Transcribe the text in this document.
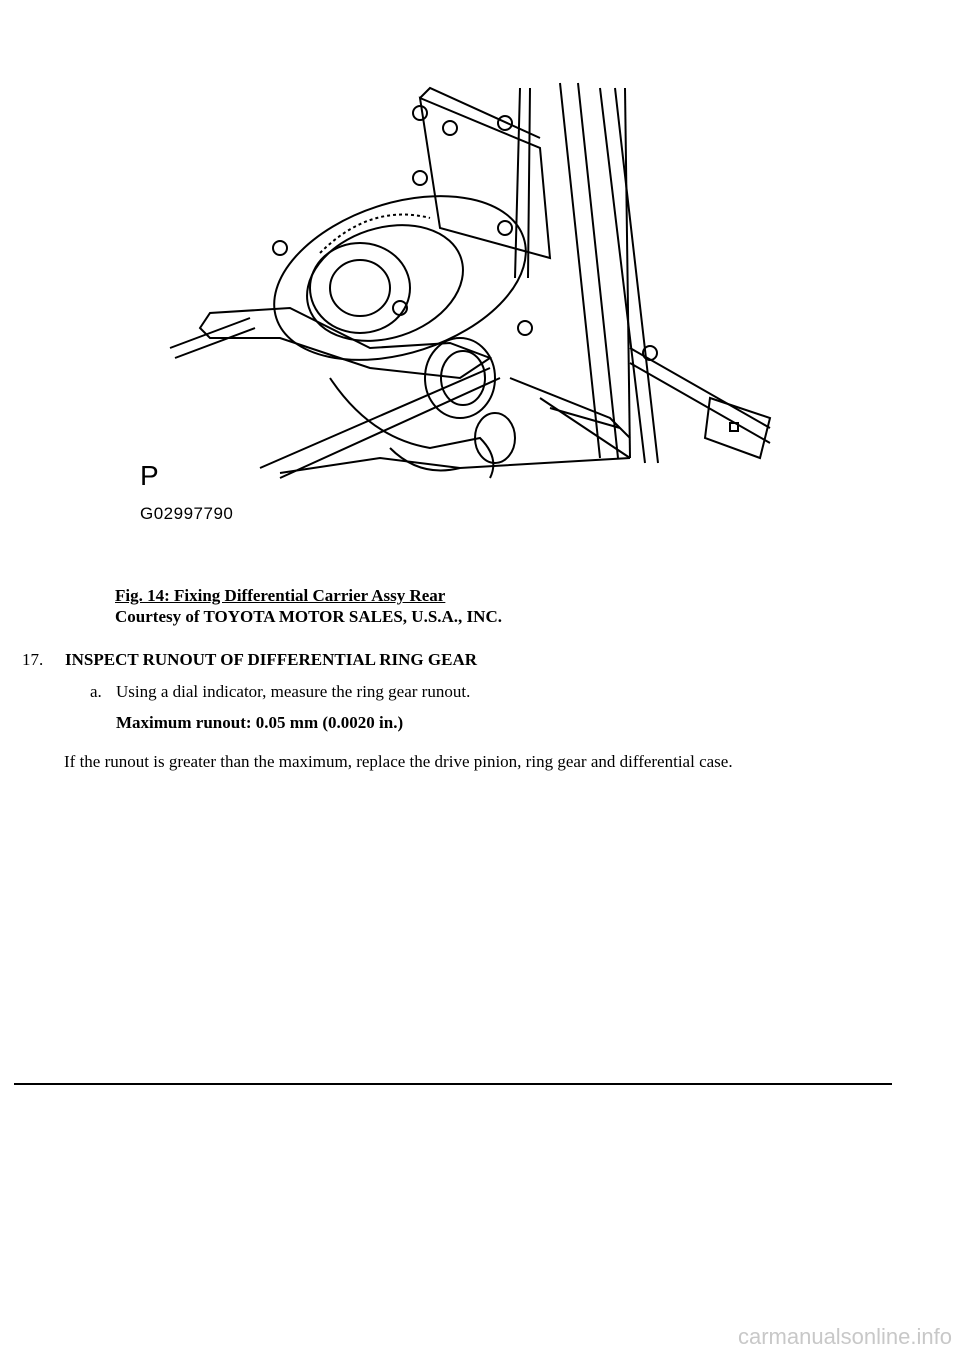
P
G02997790
Fig. 14: Fixing Differential Carrier Assy Rear
Courtesy of TOYOTA MOTOR SALES, U.S.A., INC.
17. INSPECT RUNOUT OF DIFFERENTIAL RING GEAR
a. Using a dial indicator, measure the ring gear runout.
Maximum runout: 0.05 mm (0.0020 in.)
If the runout is greater than the maximum, replace the drive pinion, ring gear and differential case.
carmanualsonline.info
